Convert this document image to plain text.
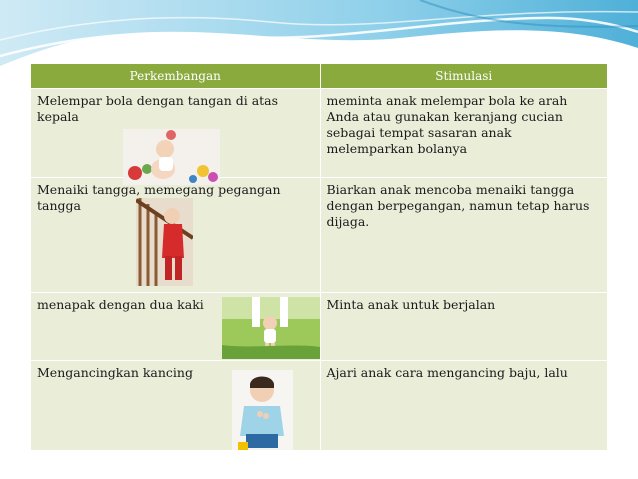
Perkembangan	Stimulasi

Melempar bola dengan tangan di atas kepala	meminta anak melempar bola ke arah Anda atau gunakan keranjang cucian sebagai tempat sasaran anak melemparkan bolanya

Menaiki tangga, memegang pegangan tangga	Biarkan anak mencoba menaiki tangga dengan berpegangan, namun tetap harus dijaga.

menapak dengan dua kaki	Minta anak untuk berjalan

Mengancingkan kancing	Ajari anak cara mengancing baju, lalu
